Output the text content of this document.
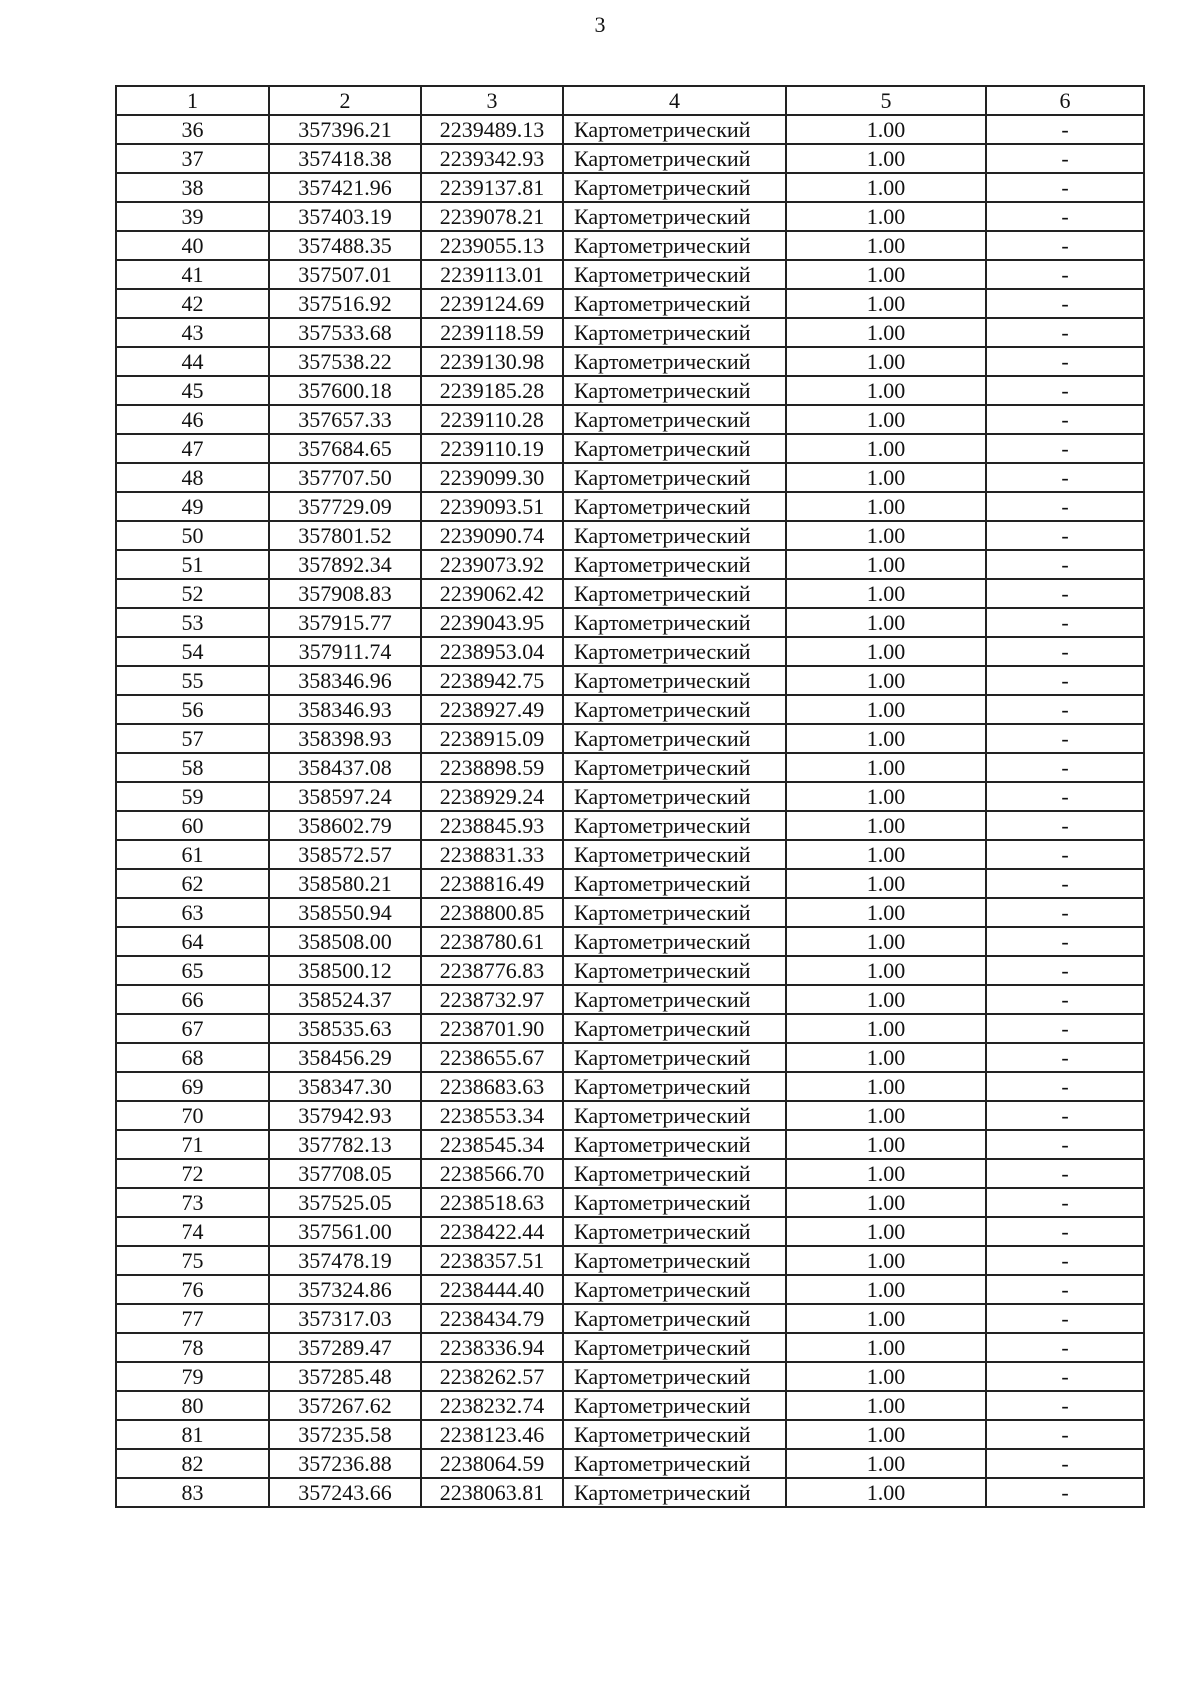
3
1	2	3	4	5	6
36	357396.21	2239489.13	Картометрический	1.00	-
37	357418.38	2239342.93	Картометрический	1.00	-
38	357421.96	2239137.81	Картометрический	1.00	-
39	357403.19	2239078.21	Картометрический	1.00	-
40	357488.35	2239055.13	Картометрический	1.00	-
41	357507.01	2239113.01	Картометрический	1.00	-
42	357516.92	2239124.69	Картометрический	1.00	-
43	357533.68	2239118.59	Картометрический	1.00	-
44	357538.22	2239130.98	Картометрический	1.00	-
45	357600.18	2239185.28	Картометрический	1.00	-
46	357657.33	2239110.28	Картометрический	1.00	-
47	357684.65	2239110.19	Картометрический	1.00	-
48	357707.50	2239099.30	Картометрический	1.00	-
49	357729.09	2239093.51	Картометрический	1.00	-
50	357801.52	2239090.74	Картометрический	1.00	-
51	357892.34	2239073.92	Картометрический	1.00	-
52	357908.83	2239062.42	Картометрический	1.00	-
53	357915.77	2239043.95	Картометрический	1.00	-
54	357911.74	2238953.04	Картометрический	1.00	-
55	358346.96	2238942.75	Картометрический	1.00	-
56	358346.93	2238927.49	Картометрический	1.00	-
57	358398.93	2238915.09	Картометрический	1.00	-
58	358437.08	2238898.59	Картометрический	1.00	-
59	358597.24	2238929.24	Картометрический	1.00	-
60	358602.79	2238845.93	Картометрический	1.00	-
61	358572.57	2238831.33	Картометрический	1.00	-
62	358580.21	2238816.49	Картометрический	1.00	-
63	358550.94	2238800.85	Картометрический	1.00	-
64	358508.00	2238780.61	Картометрический	1.00	-
65	358500.12	2238776.83	Картометрический	1.00	-
66	358524.37	2238732.97	Картометрический	1.00	-
67	358535.63	2238701.90	Картометрический	1.00	-
68	358456.29	2238655.67	Картометрический	1.00	-
69	358347.30	2238683.63	Картометрический	1.00	-
70	357942.93	2238553.34	Картометрический	1.00	-
71	357782.13	2238545.34	Картометрический	1.00	-
72	357708.05	2238566.70	Картометрический	1.00	-
73	357525.05	2238518.63	Картометрический	1.00	-
74	357561.00	2238422.44	Картометрический	1.00	-
75	357478.19	2238357.51	Картометрический	1.00	-
76	357324.86	2238444.40	Картометрический	1.00	-
77	357317.03	2238434.79	Картометрический	1.00	-
78	357289.47	2238336.94	Картометрический	1.00	-
79	357285.48	2238262.57	Картометрический	1.00	-
80	357267.62	2238232.74	Картометрический	1.00	-
81	357235.58	2238123.46	Картометрический	1.00	-
82	357236.88	2238064.59	Картометрический	1.00	-
83	357243.66	2238063.81	Картометрический	1.00	-
